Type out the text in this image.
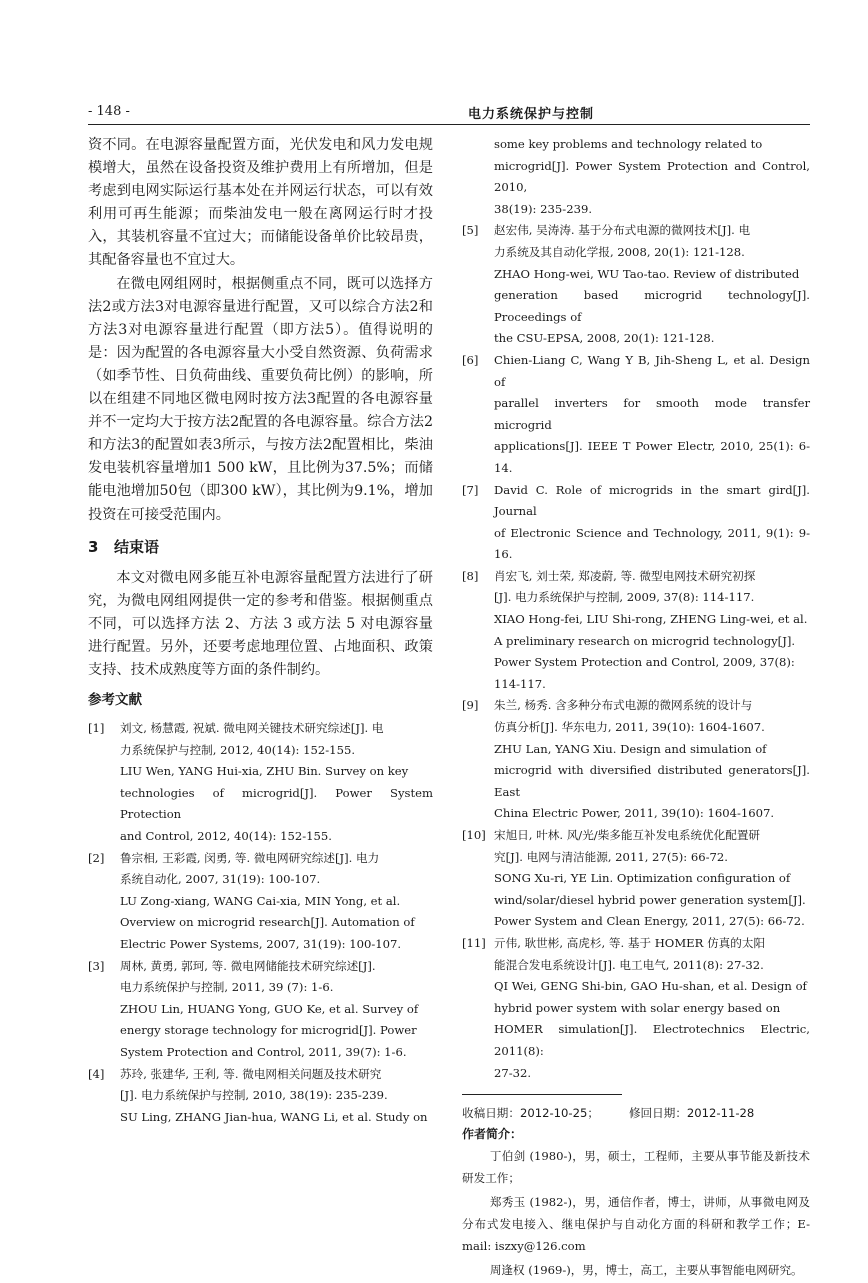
- 148 -	电力系统保护与控制

资不同。在电源容量配置方面，光伏发电和风力发电规模增大，虽然在设备投资及维护费用上有所增加，但是考虑到电网实际运行基本处在并网运行状态，可以有效利用可再生能源；而柴油发电一般在离网运行时才投入，其装机容量不宜过大；而储能设备单价比较昂贵，其配备容量也不宜过大。

在微电网组网时，根据侧重点不同，既可以选择方法2或方法3对电源容量进行配置，又可以综合方法2和方法3对电源容量进行配置（即方法5）。值得说明的是：因为配置的各电源容量大小受自然资源、负荷需求（如季节性、日负荷曲线、重要负荷比例）的影响，所以在组建不同地区微电网时按方法3配置的各电源容量并不一定均大于按方法2配置的各电源容量。综合方法2和方法3的配置如表3所示，与按方法2配置相比，柴油发电装机容量增加1 500 kW，且比例为37.5%；而储能电池增加50包（即300 kW），其比例为9.1%，增加投资在可接受范围内。

3 结束语

本文对微电网多能互补电源容量配置方法进行了研究，为微电网组网提供一定的参考和借鉴。根据侧重点不同，可以选择方法 2、方法 3 或方法 5 对电源容量进行配置。另外，还要考虑地理位置、占地面积、政策支持、技术成熟度等方面的条件制约。

参考文献
[1] 刘文, 杨慧霞, 祝斌. 微电网关键技术研究综述[J]. 电
力系统保护与控制, 2012, 40(14): 152-155.
LIU Wen, YANG Hui-xia, ZHU Bin. Survey on key
technologies of microgrid[J]. Power System Protection
and Control, 2012, 40(14): 152-155.
[2] 鲁宗相, 王彩霞, 闵勇, 等. 微电网研究综述[J]. 电力
系统自动化, 2007, 31(19): 100-107.
LU Zong-xiang, WANG Cai-xia, MIN Yong, et al.
Overview on microgrid research[J]. Automation of
Electric Power Systems, 2007, 31(19): 100-107.
[3] 周林, 黄勇, 郭珂, 等. 微电网储能技术研究综述[J].
电力系统保护与控制, 2011, 39 (7): 1-6.
ZHOU Lin, HUANG Yong, GUO Ke, et al. Survey of
energy storage technology for microgrid[J]. Power
System Protection and Control, 2011, 39(7): 1-6.
[4] 苏玲, 张建华, 王利, 等. 微电网相关问题及技术研究
[J]. 电力系统保护与控制, 2010, 38(19): 235-239.
SU Ling, ZHANG Jian-hua, WANG Li, et al. Study on
some key problems and technology related to
microgrid[J]. Power System Protection and Control, 2010,
38(19): 235-239.
[5] 赵宏伟, 吴涛涛. 基于分布式电源的微网技术[J]. 电
力系统及其自动化学报, 2008, 20(1): 121-128.
ZHAO Hong-wei, WU Tao-tao. Review of distributed
generation based microgrid technology[J]. Proceedings of
the CSU-EPSA, 2008, 20(1): 121-128.
[6] Chien-Liang C, Wang Y B, Jih-Sheng L, et al. Design of
parallel inverters for smooth mode transfer microgrid
applications[J]. IEEE T Power Electr, 2010, 25(1): 6-14.
[7] David C. Role of microgrids in the smart gird[J]. Journal
of Electronic Science and Technology, 2011, 9(1): 9-16.
[8] 肖宏飞, 刘士荣, 郑凌蔚, 等. 微型电网技术研究初探
[J]. 电力系统保护与控制, 2009, 37(8): 114-117.
XIAO Hong-fei, LIU Shi-rong, ZHENG Ling-wei, et al.
A preliminary research on microgrid technology[J].
Power System Protection and Control, 2009, 37(8):
114-117.
[9] 朱兰, 杨秀. 含多种分布式电源的微网系统的设计与
仿真分析[J]. 华东电力, 2011, 39(10): 1604-1607.
ZHU Lan, YANG Xiu. Design and simulation of
microgrid with diversified distributed generators[J]. East
China Electric Power, 2011, 39(10): 1604-1607.
[10] 宋旭日, 叶林. 风/光/柴多能互补发电系统优化配置研
究[J]. 电网与清洁能源, 2011, 27(5): 66-72.
SONG Xu-ri, YE Lin. Optimization configuration of
wind/solar/diesel hybrid power generation system[J].
Power System and Clean Energy, 2011, 27(5): 66-72.
[11] 亓伟, 耿世彬, 高虎杉, 等. 基于 HOMER 仿真的太阳
能混合发电系统设计[J]. 电工电气, 2011(8): 27-32.
QI Wei, GENG Shi-bin, GAO Hu-shan, et al. Design of
hybrid power system with solar energy based on
HOMER simulation[J]. Electrotechnics Electric, 2011(8):
27-32.
收稿日期：2012-10-25；	修回日期：2012-11-28
作者简介：

丁伯剑 (1980-)，男，硕士，工程师，主要从事节能及新技术研发工作；

郑秀玉 (1982-)，男，通信作者，博士，讲师，从事微电网及分布式发电接入、继电保护与自动化方面的科研和教学工作；E-mail: iszxy@126.com

周逢权 (1969-)，男，博士，高工，主要从事智能电网研究。
